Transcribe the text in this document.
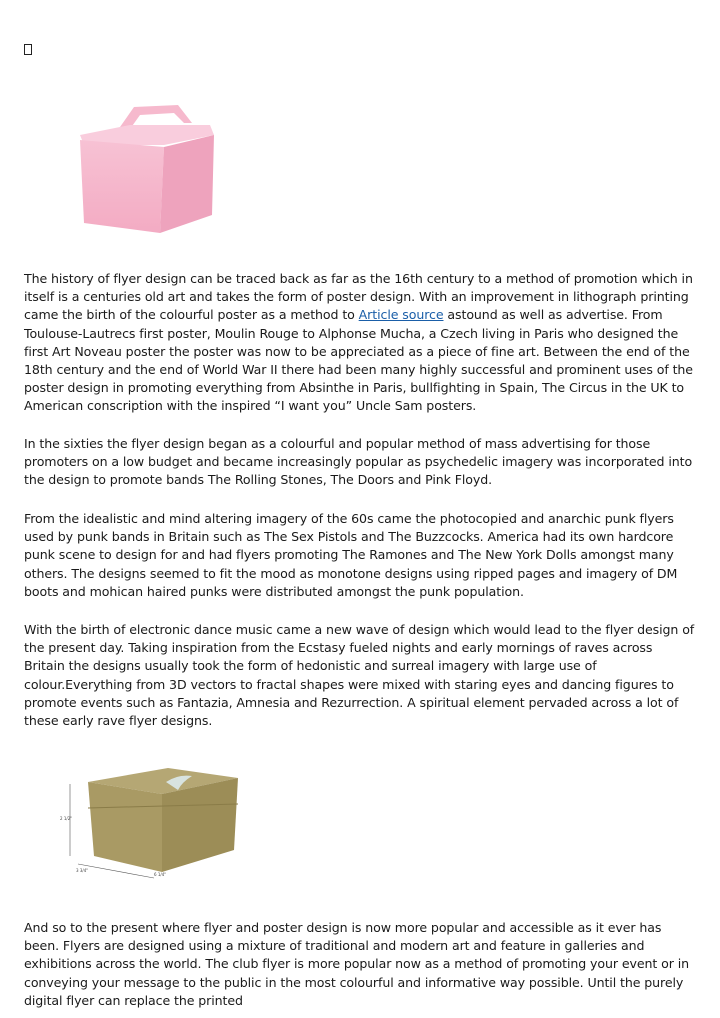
The history of flyer design can be traced back as far as the 16th century to a method of promotion which in itself is a centuries old art and takes the form of poster design. With an improvement in lithograph printing came the birth of the colourful poster as a method to Article source astound as well as advertise. From Toulouse-Lautrecs first poster, Moulin Rouge to Alphonse Mucha, a Czech living in Paris who designed the first Art Noveau poster the poster was now to be appreciated as a piece of fine art. Between the end of the 18th century and the end of World War II there had been many highly successful and prominent uses of the poster design in promoting everything from Absinthe in Paris, bullfighting in Spain, The Circus in the UK to American conscription with the inspired “I want you” Uncle Sam posters.

In the sixties the flyer design began as a colourful and popular method of mass advertising for those promoters on a low budget and became increasingly popular as psychedelic imagery was incorporated into the design to promote bands The Rolling Stones, The Doors and Pink Floyd.

From the idealistic and mind altering imagery of the 60s came the photocopied and anarchic punk flyers used by punk bands in Britain such as The Sex Pistols and The Buzzcocks. America had its own hardcore punk scene to design for and had flyers promoting The Ramones and The New York Dolls amongst many others. The designs seemed to fit the mood as monotone designs using ripped pages and imagery of DM boots and mohican haired punks were distributed amongst the punk population.

With the birth of electronic dance music came a new wave of design which would lead to the flyer design of the present day. Taking inspiration from the Ecstasy fueled nights and early mornings of raves across Britain the designs usually took the form of hedonistic and surreal imagery with large use of colour.Everything from 3D vectors to fractal shapes were mixed with staring eyes and dancing figures to promote events such as Fantazia, Amnesia and Rezurrection. A spiritual element pervaded across a lot of these early rave flyer designs.

2 1/2"
3 3/4"
6 1/4"

And so to the present where flyer and poster design is now more popular and accessible as it ever has been. Flyers are designed using a mixture of traditional and modern art and feature in galleries and exhibitions across the world. The club flyer is more popular now as a method of promoting your event or in conveying your message to the public in the most colourful and informative way possible. Until the purely digital flyer can replace the printed
